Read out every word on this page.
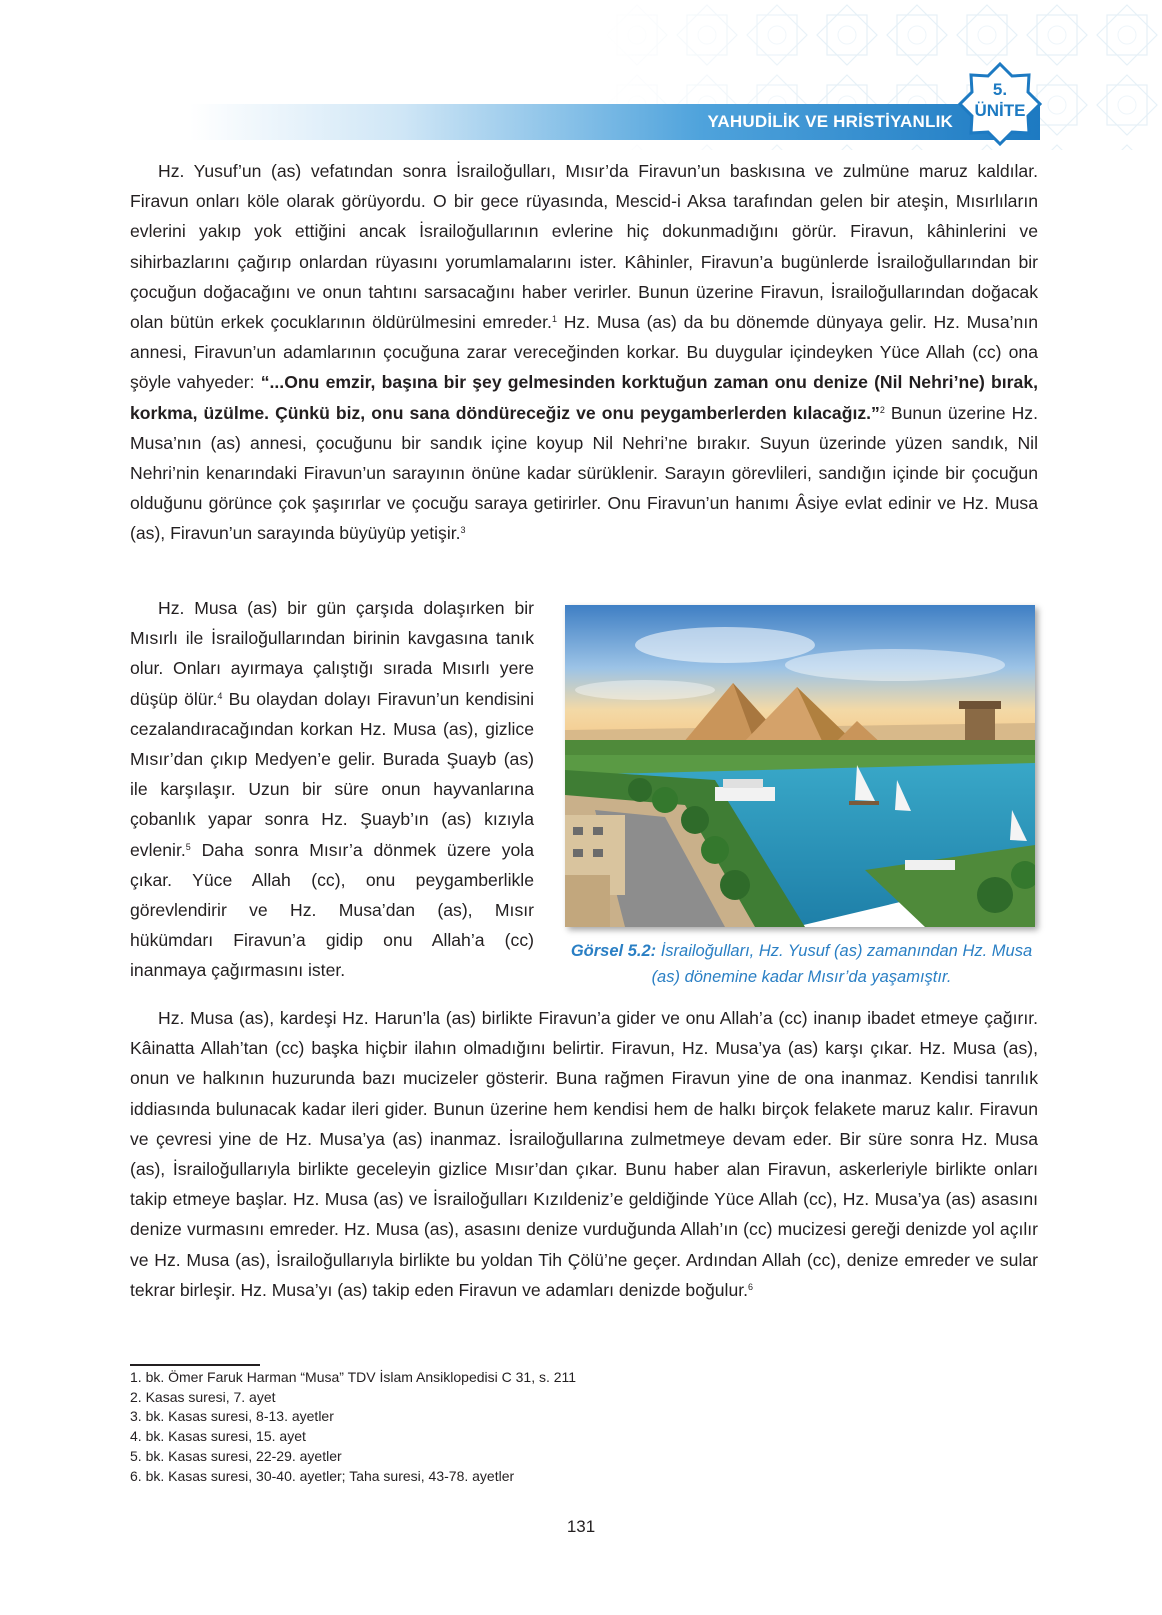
YAHUDİLİK VE HRİSTİYANLIK
5.
ÜNİTE
Hz. Yusuf’un (as) vefatından sonra İsrailoğulları, Mısır’da Firavun’un baskısına ve zulmüne maruz kaldılar. Firavun onları köle olarak görüyordu. O bir gece rüyasında, Mescid-i Aksa tarafından gelen bir ateşin, Mısırlıların evlerini yakıp yok ettiğini ancak İsrailoğullarının evlerine hiç dokunmadığını görür. Firavun, kâhinlerini ve sihirbazlarını çağırıp onlardan rüyasını yorumlamalarını ister. Kâhinler, Firavun’a bugünlerde İsrailoğullarından bir çocuğun doğacağını ve onun tahtını sarsacağını haber verirler. Bunun üzerine Firavun, İsrailoğullarından doğacak olan bütün erkek çocuklarının öldürülmesini emreder.$^1$ Hz. Musa (as) da bu dönemde dünyaya gelir. Hz. Musa’nın annesi, Firavun’un adamlarının çocuğuna zarar vereceğinden korkar. Bu duygular içindeyken Yüce Allah (cc) ona şöyle vahyeder: “...Onu emzir, başına bir şey gelmesinden korktuğun zaman onu denize (Nil Nehri’ne) bırak, korkma, üzülme. Çünkü biz, onu sana döndüreceğiz ve onu peygamberlerden kılacağız.”$^2$ Bunun üzerine Hz. Musa’nın (as) annesi, çocuğunu bir sandık içine koyup Nil Nehri’ne bırakır. Suyun üzerinde yüzen sandık, Nil Nehri’nin kenarındaki Firavun’un sarayının önüne kadar sürüklenir. Sarayın görevlileri, sandığın içinde bir çocuğun olduğunu görünce çok şaşırırlar ve çocuğu saraya getirirler. Onu Firavun’un hanımı Âsiye evlat edinir ve Hz. Musa (as), Firavun’un sarayında büyüyüp yetişir.$^3$
Hz. Musa (as) bir gün çarşıda dolaşırken bir Mısırlı ile İsrailoğullarından birinin kavgasına tanık olur. Onları ayırmaya çalıştığı sırada Mısırlı yere düşüp ölür.$^4$ Bu olaydan dolayı Firavun’un kendisini cezalandıracağından korkan Hz. Musa (as), gizlice Mısır’dan çıkıp Medyen’e gelir. Burada Şuayb (as) ile karşılaşır. Uzun bir süre onun hayvanlarına çobanlık yapar sonra Hz. Şuayb’ın (as) kızıyla evlenir.$^5$ Daha sonra Mısır’a dönmek üzere yola çıkar. Yüce Allah (cc), onu peygamberlikle görevlendirir ve Hz. Musa’dan (as), Mısır hükümdarı Firavun’a gidip onu Allah’a (cc) inanmaya çağırmasını ister.
Görsel 5.2: İsrailoğulları, Hz. Yusuf (as) zamanından Hz. Musa (as) dönemine kadar Mısır’da yaşamıştır.
Hz. Musa (as), kardeşi Hz. Harun’la (as) birlikte Firavun’a gider ve onu Allah’a (cc) inanıp ibadet etmeye çağırır. Kâinatta Allah’tan (cc) başka hiçbir ilahın olmadığını belirtir. Firavun, Hz. Musa’ya (as) karşı çıkar. Hz. Musa (as), onun ve halkının huzurunda bazı mucizeler gösterir. Buna rağmen Firavun yine de ona inanmaz. Kendisi tanrılık iddiasında bulunacak kadar ileri gider. Bunun üzerine hem kendisi hem de halkı birçok felakete maruz kalır. Firavun ve çevresi yine de Hz. Musa’ya (as) inanmaz. İsrailoğullarına zulmetmeye devam eder. Bir süre sonra Hz. Musa (as), İsrailoğullarıyla birlikte geceleyin gizlice Mısır’dan çıkar. Bunu haber alan Firavun, askerleriyle birlikte onları takip etmeye başlar. Hz. Musa (as) ve İsrailoğulları Kızıldeniz’e geldiğinde Yüce Allah (cc), Hz. Musa’ya (as) asasını denize vurmasını emreder. Hz. Musa (as), asasını denize vurduğunda Allah’ın (cc) mucizesi gereği denizde yol açılır ve Hz. Musa (as), İsrailoğullarıyla birlikte bu yoldan Tih Çölü’ne geçer. Ardından Allah (cc), denize emreder ve sular tekrar birleşir. Hz. Musa’yı (as) takip eden Firavun ve adamları denizde boğulur.$^6$
1. bk. Ömer Faruk Harman “Musa” TDV İslam Ansiklopedisi C 31, s. 211
2. Kasas suresi, 7. ayet
3. bk. Kasas suresi, 8-13. ayetler
4. bk. Kasas suresi, 15. ayet
5. bk. Kasas suresi, 22-29. ayetler
6. bk. Kasas suresi, 30-40. ayetler; Taha suresi, 43-78. ayetler
131
